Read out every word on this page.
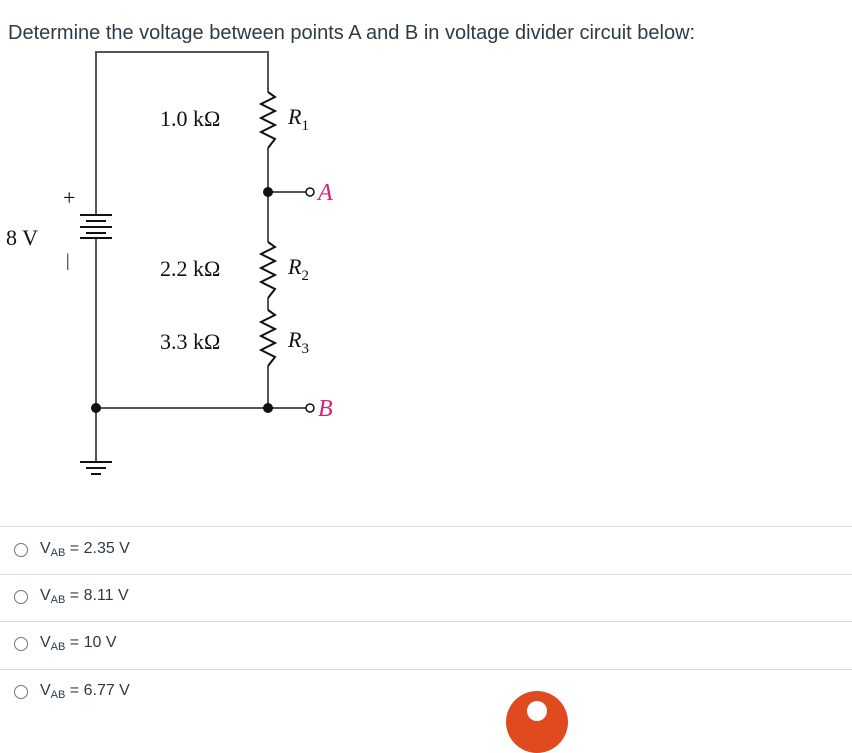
Determine the voltage between points A and B in voltage divider circuit below:
+
|
8 V
1.0 kΩ	$R_1$
2.2 kΩ	$R_2$
3.3 kΩ	$R_3$
A
B
$V_{AB} = 2.35$ V
$V_{AB} = 8.11$ V
$V_{AB} = 10$ V
$V_{AB} = 6.77$ V
